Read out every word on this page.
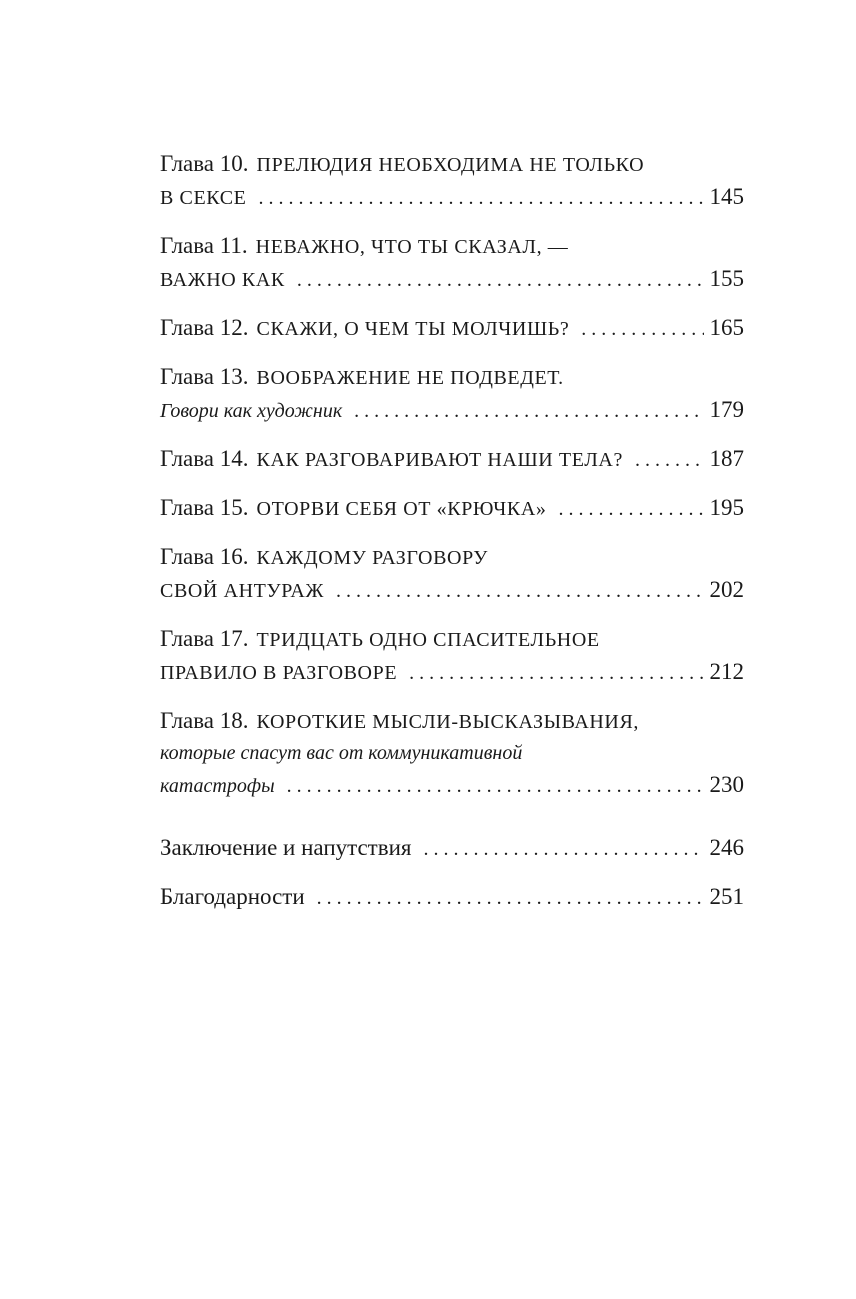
Глава 10. ПРЕЛЮДИЯ НЕОБХОДИМА НЕ ТОЛЬКО
В СЕКСЕ . . .	145
Глава 11. НЕВАЖНО, ЧТО ТЫ СКАЗАЛ, —
ВАЖНО КАК . . .	155
Глава 12. СКАЖИ, О ЧЕМ ТЫ МОЛЧИШЬ? . . .	165
Глава 13. ВООБРАЖЕНИЕ НЕ ПОДВЕДЕТ.
Говори как художник . . .	179
Глава 14. КАК РАЗГОВАРИВАЮТ НАШИ ТЕЛА? . . .	187
Глава 15. ОТОРВИ СЕБЯ ОТ «КРЮЧКА» . . .	195
Глава 16. КАЖДОМУ РАЗГОВОРУ
СВОЙ АНТУРАЖ . . .	202
Глава 17. ТРИДЦАТЬ ОДНО СПАСИТЕЛЬНОЕ
ПРАВИЛО В РАЗГОВОРЕ . . .	212
Глава 18. КОРОТКИЕ МЫСЛИ-ВЫСКАЗЫВАНИЯ,
которые спасут вас от коммуникативной
катастрофы . . .	230
Заключение и напутствия . . .	246
Благодарности . . .	251
